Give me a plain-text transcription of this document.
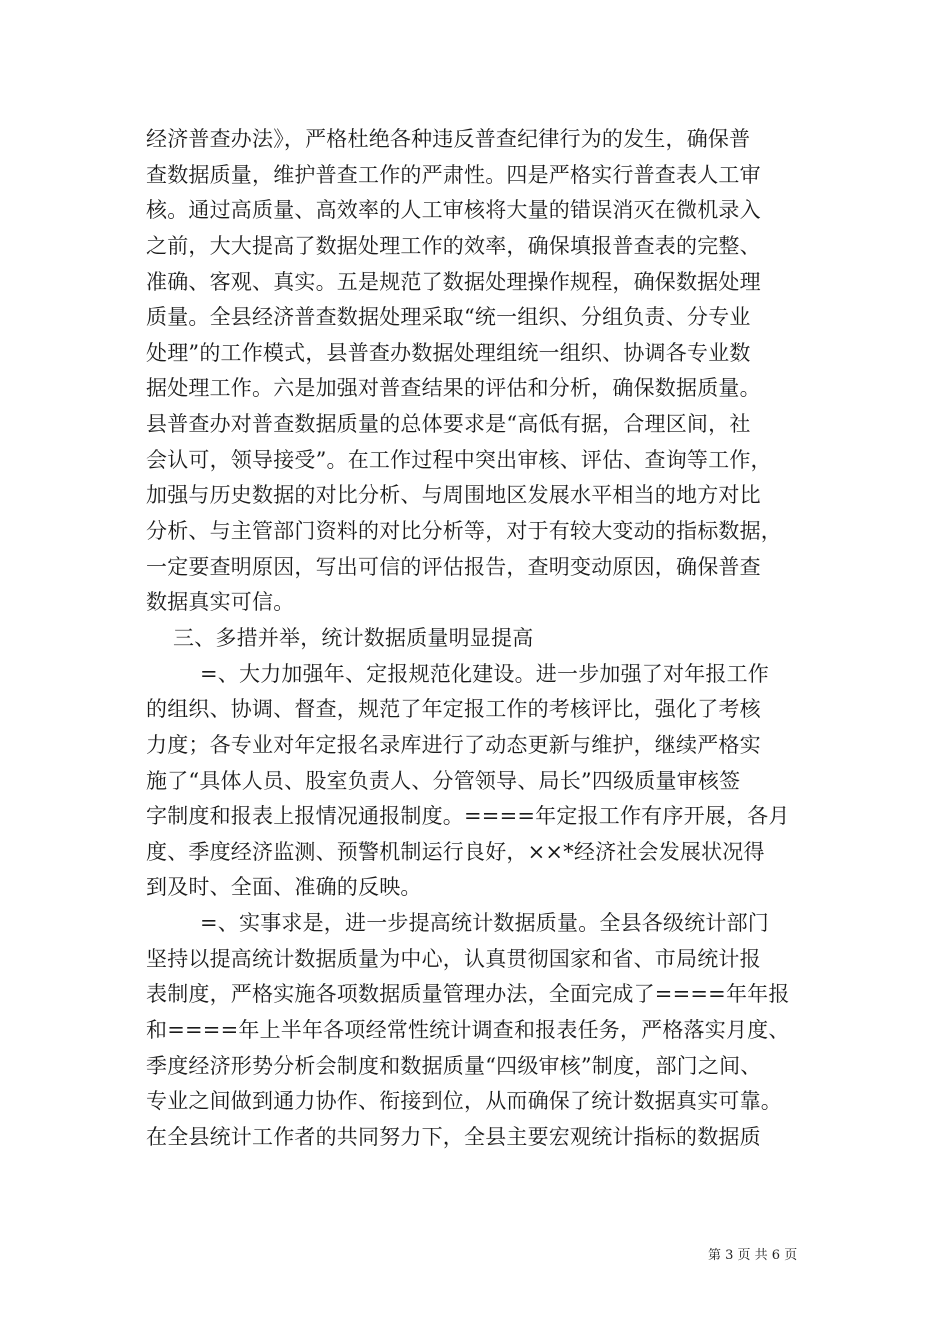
经济普查办法》，严格杜绝各种违反普查纪律行为的发生，确保普
查数据质量，维护普查工作的严肃性。四是严格实行普查表人工审
核。通过高质量、高效率的人工审核将大量的错误消灭在微机录入
之前，大大提高了数据处理工作的效率，确保填报普查表的完整、
准确、客观、真实。五是规范了数据处理操作规程，确保数据处理
质量。全县经济普查数据处理采取“统一组织、分组负责、分专业
处理”的工作模式，县普查办数据处理组统一组织、协调各专业数
据处理工作。六是加强对普查结果的评估和分析，确保数据质量。
县普查办对普查数据质量的总体要求是“高低有据，合理区间，社
会认可，领导接受”。在工作过程中突出审核、评估、查询等工作，
加强与历史数据的对比分析、与周围地区发展水平相当的地方对比
分析、与主管部门资料的对比分析等，对于有较大变动的指标数据，
一定要查明原因，写出可信的评估报告，查明变动原因，确保普查
数据真实可信。
三、多措并举，统计数据质量明显提高
=、大力加强年、定报规范化建设。进一步加强了对年报工作
的组织、协调、督查，规范了年定报工作的考核评比，强化了考核
力度；各专业对年定报名录库进行了动态更新与维护，继续严格实
施了“具体人员、股室负责人、分管领导、局长”四级质量审核签
字制度和报表上报情况通报制度。====年定报工作有序开展，各月
度、季度经济监测、预警机制运行良好，××*经济社会发展状况得
到及时、全面、准确的反映。
=、实事求是，进一步提高统计数据质量。全县各级统计部门
坚持以提高统计数据质量为中心，认真贯彻国家和省、市局统计报
表制度，严格实施各项数据质量管理办法，全面完成了====年年报
和====年上半年各项经常性统计调查和报表任务，严格落实月度、
季度经济形势分析会制度和数据质量“四级审核”制度，部门之间、
专业之间做到通力协作、衔接到位，从而确保了统计数据真实可靠。
在全县统计工作者的共同努力下，全县主要宏观统计指标的数据质
第 3 页 共 6 页
